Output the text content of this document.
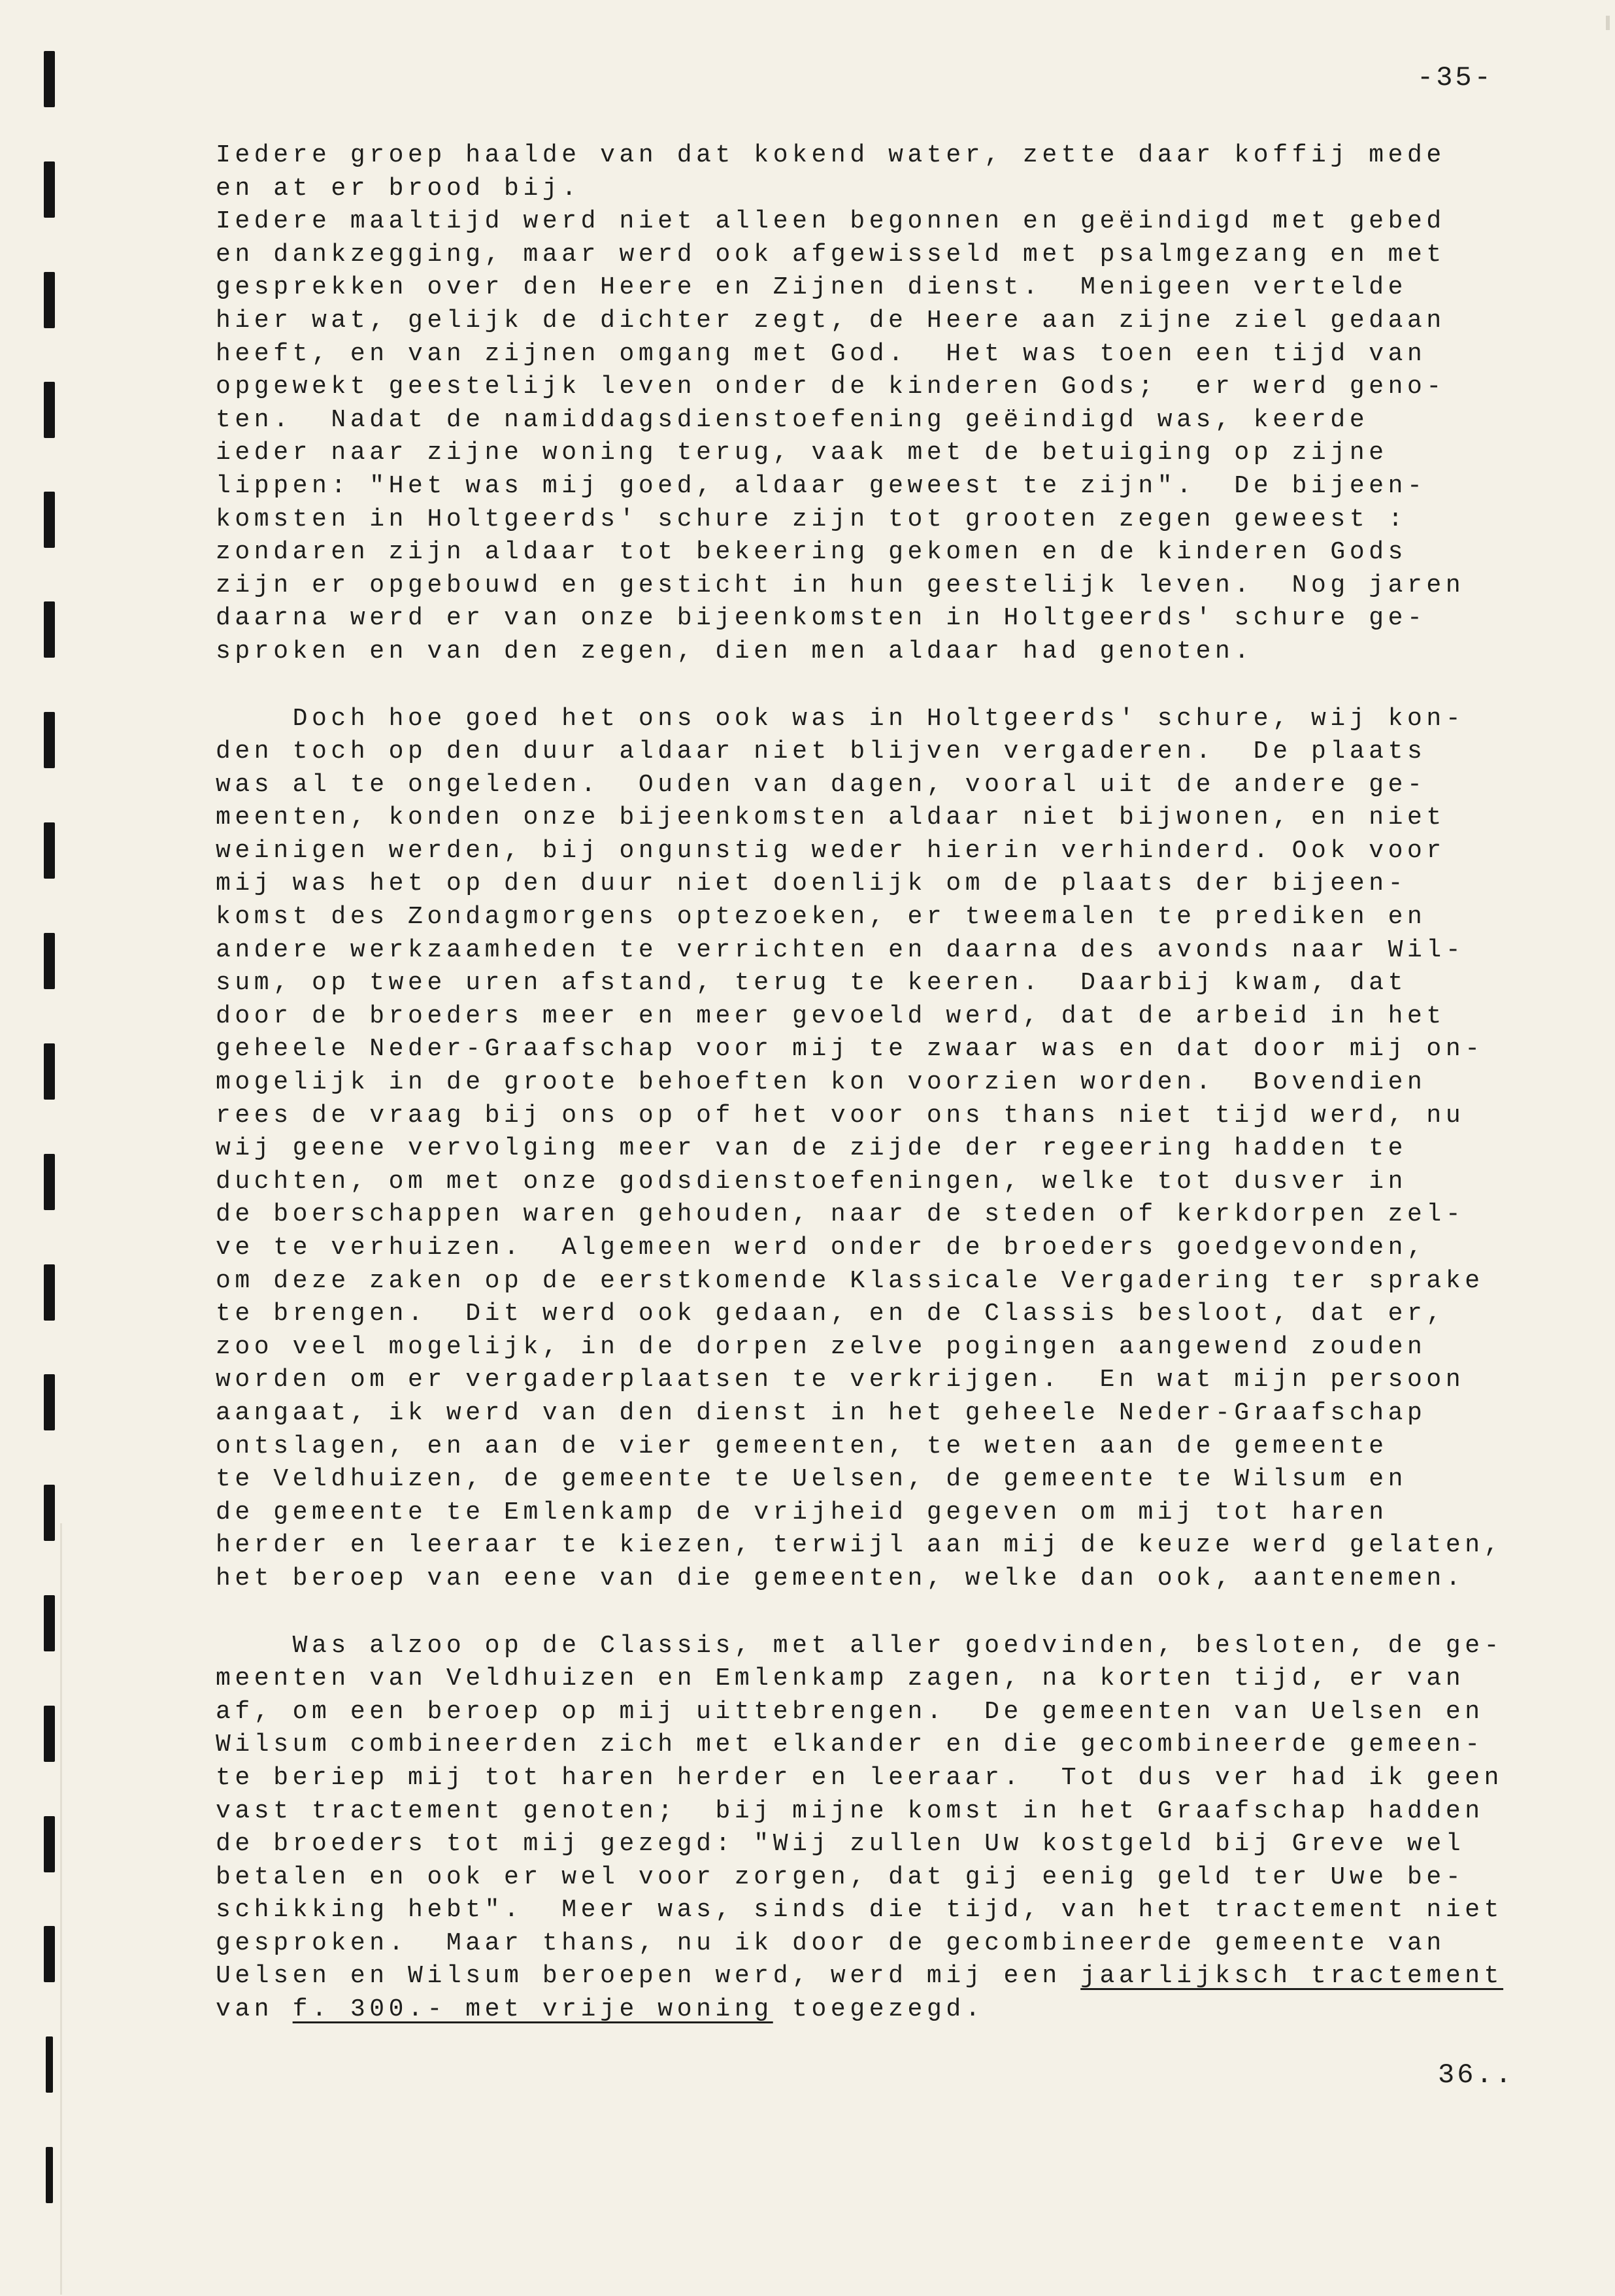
-35-
Iedere groep haalde van dat kokend water, zette daar koffij mede
en at er brood bij.
Iedere maaltijd werd niet alleen begonnen en geëindigd met gebed
en dankzegging, maar werd ook afgewisseld met psalmgezang en met
gesprekken over den Heere en Zijnen dienst.  Menigeen vertelde
hier wat, gelijk de dichter zegt, de Heere aan zijne ziel gedaan
heeft, en van zijnen omgang met God.  Het was toen een tijd van
opgewekt geestelijk leven onder de kinderen Gods;  er werd geno-
ten.  Nadat de namiddagsdienstoefening geëindigd was, keerde
ieder naar zijne woning terug, vaak met de betuiging op zijne
lippen: "Het was mij goed, aldaar geweest te zijn".  De bijeen-
komsten in Holtgeerds' schure zijn tot grooten zegen geweest :
zondaren zijn aldaar tot bekeering gekomen en de kinderen Gods
zijn er opgebouwd en gesticht in hun geestelijk leven.  Nog jaren
daarna werd er van onze bijeenkomsten in Holtgeerds' schure ge-
sproken en van den zegen, dien men aldaar had genoten.
Doch hoe goed het ons ook was in Holtgeerds' schure, wij kon-
den toch op den duur aldaar niet blijven vergaderen.  De plaats
was al te ongeleden.  Ouden van dagen, vooral uit de andere ge-
meenten, konden onze bijeenkomsten aldaar niet bijwonen, en niet
weinigen werden, bij ongunstig weder hierin verhinderd. Ook voor
mij was het op den duur niet doenlijk om de plaats der bijeen-
komst des Zondagmorgens optezoeken, er tweemalen te prediken en
andere werkzaamheden te verrichten en daarna des avonds naar Wil-
sum, op twee uren afstand, terug te keeren.  Daarbij kwam, dat
door de broeders meer en meer gevoeld werd, dat de arbeid in het
geheele Neder-Graafschap voor mij te zwaar was en dat door mij on-
mogelijk in de groote behoeften kon voorzien worden.  Bovendien
rees de vraag bij ons op of het voor ons thans niet tijd werd, nu
wij geene vervolging meer van de zijde der regeering hadden te
duchten, om met onze godsdienstoefeningen, welke tot dusver in
de boerschappen waren gehouden, naar de steden of kerkdorpen zel-
ve te verhuizen.  Algemeen werd onder de broeders goedgevonden,
om deze zaken op de eerstkomende Klassicale Vergadering ter sprake
te brengen.  Dit werd ook gedaan, en de Classis besloot, dat er,
zoo veel mogelijk, in de dorpen zelve pogingen aangewend zouden
worden om er vergaderplaatsen te verkrijgen.  En wat mijn persoon
aangaat, ik werd van den dienst in het geheele Neder-Graafschap
ontslagen, en aan de vier gemeenten, te weten aan de gemeente
te Veldhuizen, de gemeente te Uelsen, de gemeente te Wilsum en
de gemeente te Emlenkamp de vrijheid gegeven om mij tot haren
herder en leeraar te kiezen, terwijl aan mij de keuze werd gelaten,
het beroep van eene van die gemeenten, welke dan ook, aantenemen.
Was alzoo op de Classis, met aller goedvinden, besloten, de ge-
meenten van Veldhuizen en Emlenkamp zagen, na korten tijd, er van
af, om een beroep op mij uittebrengen.  De gemeenten van Uelsen en
Wilsum combineerden zich met elkander en die gecombineerde gemeen-
te beriep mij tot haren herder en leeraar.  Tot dus ver had ik geen
vast tractement genoten;  bij mijne komst in het Graafschap hadden
de broeders tot mij gezegd: "Wij zullen Uw kostgeld bij Greve wel
betalen en ook er wel voor zorgen, dat gij eenig geld ter Uwe be-
schikking hebt".  Meer was, sinds die tijd, van het tractement niet
gesproken.  Maar thans, nu ik door de gecombineerde gemeente van
Uelsen en Wilsum beroepen werd, werd mij een jaarlijksch tractement
van f. 300.- met vrije woning toegezegd.
36..
